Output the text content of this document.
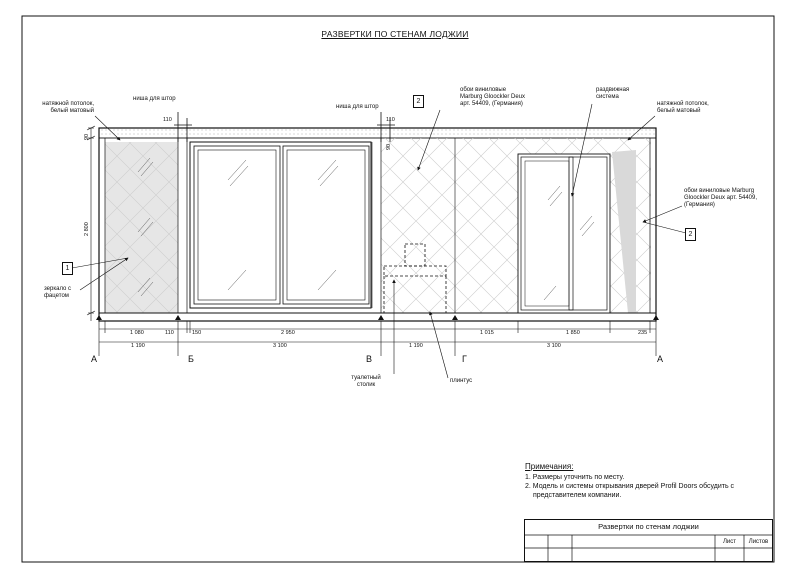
РАЗВЕРТКИ ПО СТЕНАМ ЛОДЖИИ
натяжной потолок,
белый матовый
ниша для штор
ниша для штор
обои виниловые
Marburg Gloockler Deux
арт. 54409, (Германия)
раздвижная
система
натяжной потолок,
белый матовый
обои виниловые Marburg
Gloockler Deux арт. 54409,
(Германия)
зеркало с
фацетом
туалетный
столик
плинтус
1
2
2
90
2 800
90
110	110
1 080	110	150	2 950	1 015	1 850	235
1 190	3 100	1 190	3 100
А	Б	В	Г	А
Примечания:
1. Размеры уточнить по месту.
2. Модель и системы открывания дверей Profil Doors обсудить с
представителем компании.
Развертки по стенам лоджии
Лист	Листов
